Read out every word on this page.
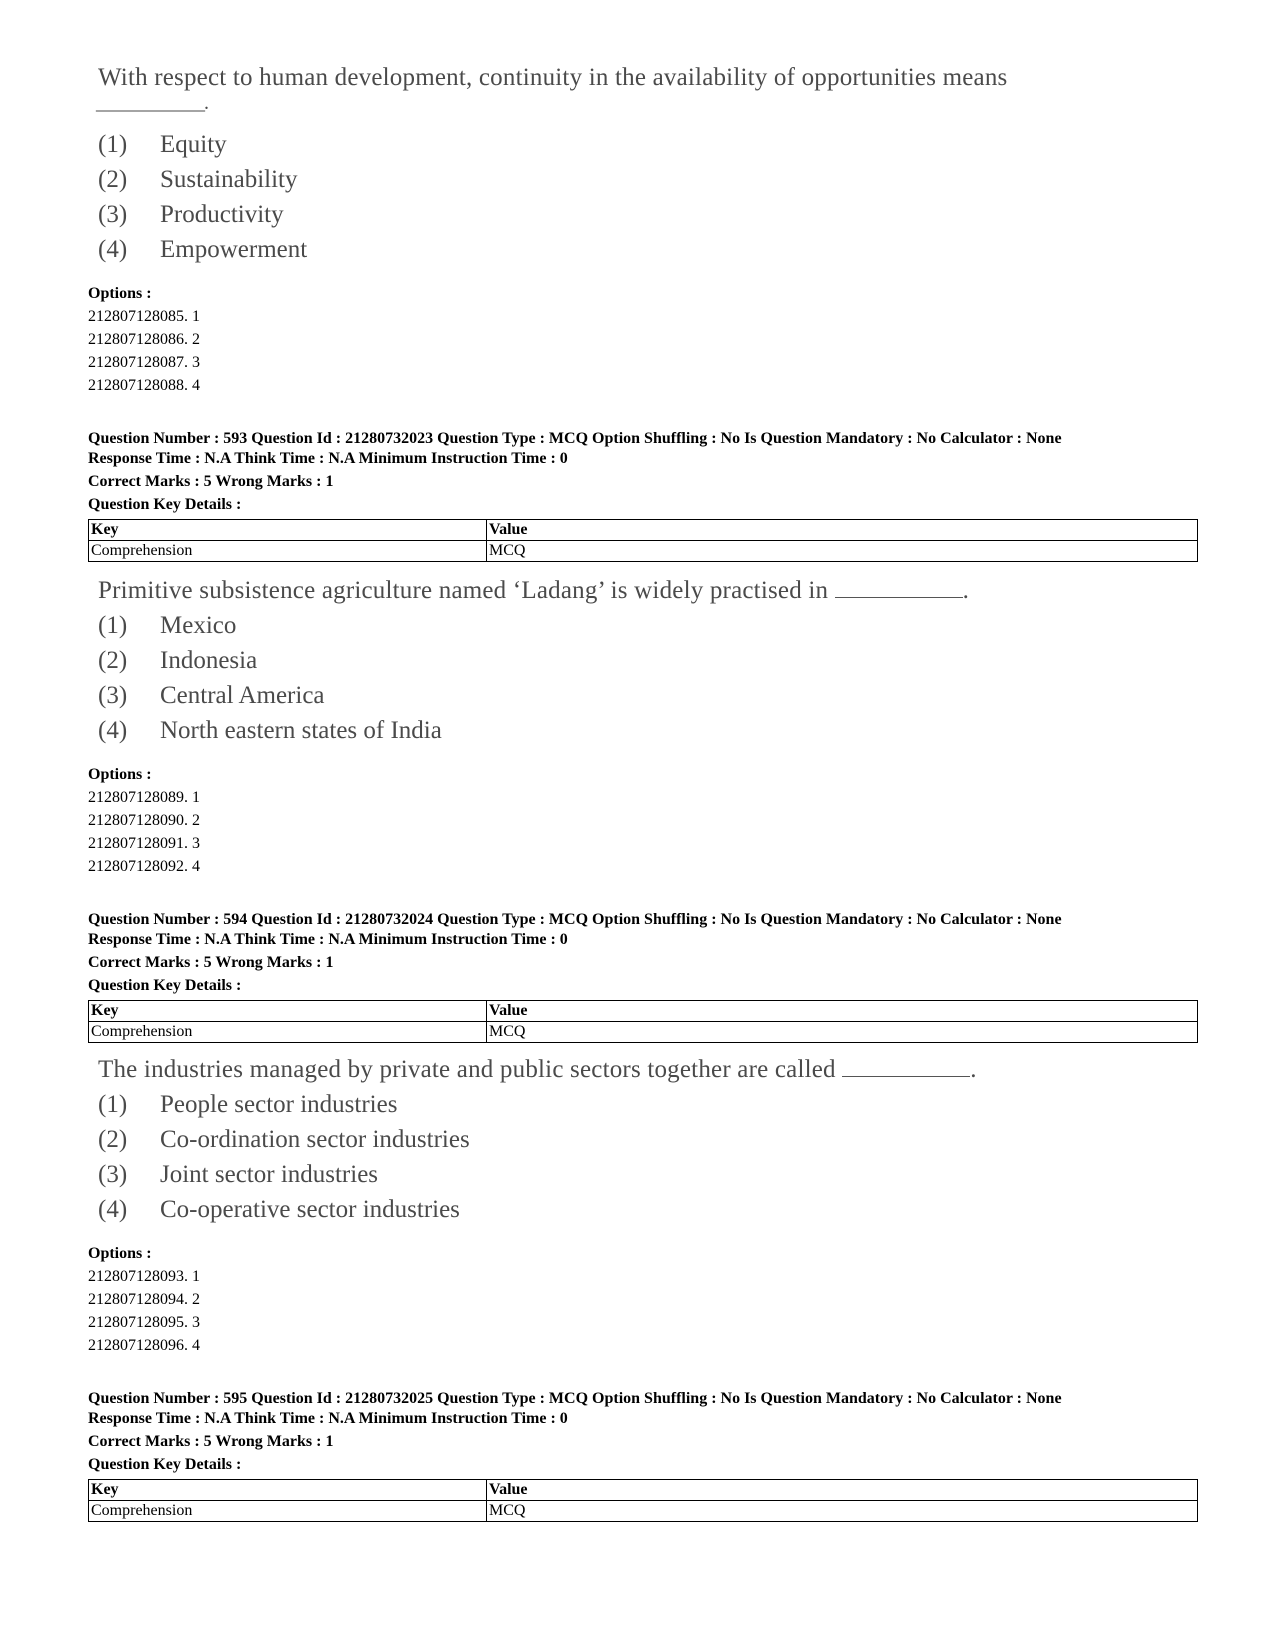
With respect to human development, continuity in the availability of opportunities means
____________.
(1) Equity
(2) Sustainability
(3) Productivity
(4) Empowerment
Options :
212807128085. 1
212807128086. 2
212807128087. 3
212807128088. 4
Question Number : 593 Question Id : 21280732023 Question Type : MCQ Option Shuffling : No Is Question Mandatory : No Calculator : None
Response Time : N.A Think Time : N.A Minimum Instruction Time : 0
Correct Marks : 5 Wrong Marks : 1
Question Key Details :
Key	Value
Comprehension	MCQ
Primitive subsistence agriculture named ‘Ladang’ is widely practised in	.
(1) Mexico
(2) Indonesia
(3) Central America
(4) North eastern states of India
Options :
212807128089. 1
212807128090. 2
212807128091. 3
212807128092. 4
Question Number : 594 Question Id : 21280732024 Question Type : MCQ Option Shuffling : No Is Question Mandatory : No Calculator : None
Response Time : N.A Think Time : N.A Minimum Instruction Time : 0
Correct Marks : 5 Wrong Marks : 1
Question Key Details :
Key	Value
Comprehension	MCQ
The industries managed by private and public sectors together are called	.
(1) People sector industries
(2) Co-ordination sector industries
(3) Joint sector industries
(4) Co-operative sector industries
Options :
212807128093. 1
212807128094. 2
212807128095. 3
212807128096. 4
Question Number : 595 Question Id : 21280732025 Question Type : MCQ Option Shuffling : No Is Question Mandatory : No Calculator : None
Response Time : N.A Think Time : N.A Minimum Instruction Time : 0
Correct Marks : 5 Wrong Marks : 1
Question Key Details :
Key	Value
Comprehension	MCQ
